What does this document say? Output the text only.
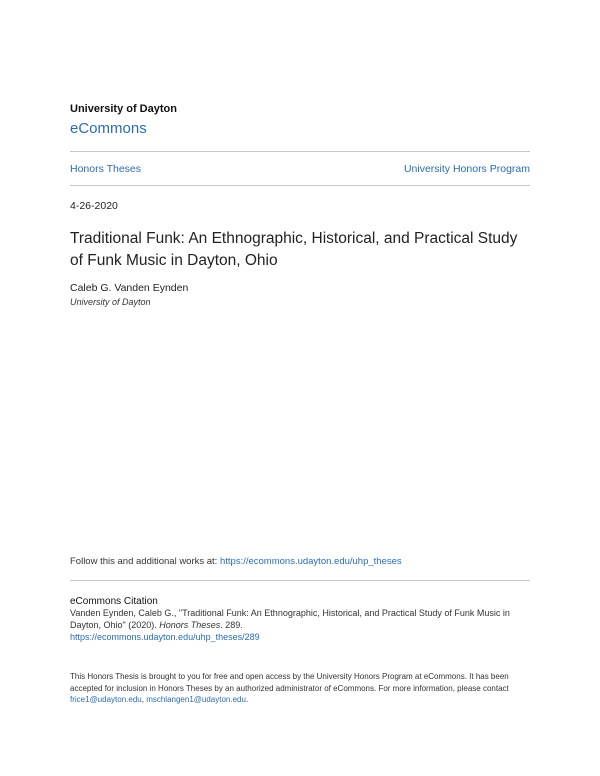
University of Dayton
eCommons
Honors Theses	University Honors Program
4-26-2020
Traditional Funk: An Ethnographic, Historical, and Practical Study of Funk Music in Dayton, Ohio
Caleb G. Vanden Eynden
University of Dayton
Follow this and additional works at: https://ecommons.udayton.edu/uhp_theses
eCommons Citation
Vanden Eynden, Caleb G., "Traditional Funk: An Ethnographic, Historical, and Practical Study of Funk Music in Dayton, Ohio" (2020). Honors Theses. 289.
https://ecommons.udayton.edu/uhp_theses/289
This Honors Thesis is brought to you for free and open access by the University Honors Program at eCommons. It has been accepted for inclusion in Honors Theses by an authorized administrator of eCommons. For more information, please contact frice1@udayton.edu, mschlangen1@udayton.edu.
